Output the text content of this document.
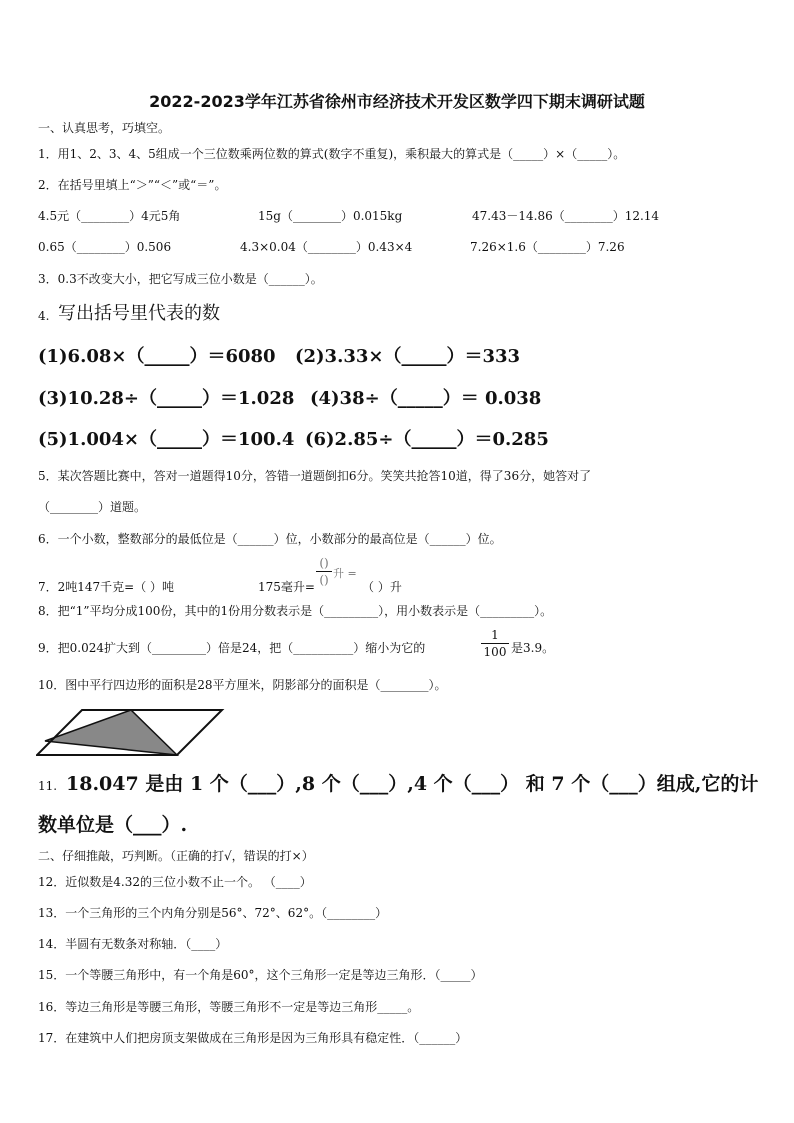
2022-2023学年江苏省徐州市经济技术开发区数学四下期末调研试题
一、认真思考，巧填空。
1．用1、2、3、4、5组成一个三位数乘两位数的算式(数字不重复)，乘积最大的算式是（_____）×（_____）。
2．在括号里填上“＞”“＜”或“＝”。
4.5元（________）4元5角	15g（________）0.015kg	47.43－14.86（________）12.14
0.65（________）0.506	4.3×0.04（________）0.43×4	7.26×1.6（________）7.26
3．0.3不改变大小，把它写成三位小数是（______）。
4. 写出括号里代表的数
(1)6.08×（_____）＝6080 (2)3.33×（_____）＝333
(3)10.28÷（_____）＝1.028 (4)38÷（_____）＝ 0.038
(5)1.004×（_____）＝100.4 (6)2.85÷（_____）＝0.285
5．某次答题比赛中，答对一道题得10分，答错一道题倒扣6分。笑笑共抢答10道，得了36分，她答对了
（________）道题。
6．一个小数，整数部分的最低位是（______）位，小数部分的最高位是（______）位。
7．2吨147千克=（ ）吨	175毫升=
()
() 升 =
（ ）升
8．把“1”平均分成100份，其中的1份用分数表示是（_________），用小数表示是（_________）。
9．把0.024扩大到（_________）倍是24，把（__________）缩小为它的
1
100 是3.9。
10．图中平行四边形的面积是28平方厘米，阴影部分的面积是（________）。
11. 18.047 是由 1 个（___）,8 个（___）,4 个（___） 和 7 个（___）组成,它的计
数单位是（___）.
二、仔细推敲，巧判断。（正确的打√，错误的打×）
12．近似数是4.32的三位小数不止一个。 （____）
13．一个三角形的三个内角分别是56°、72°、62°。（________）
14．半圆有无数条对称轴．（____）
15．一个等腰三角形中，有一个角是60°，这个三角形一定是等边三角形．（_____）
16．等边三角形是等腰三角形，等腰三角形不一定是等边三角形_____。
17．在建筑中人们把房顶支架做成在三角形是因为三角形具有稳定性．（______）
